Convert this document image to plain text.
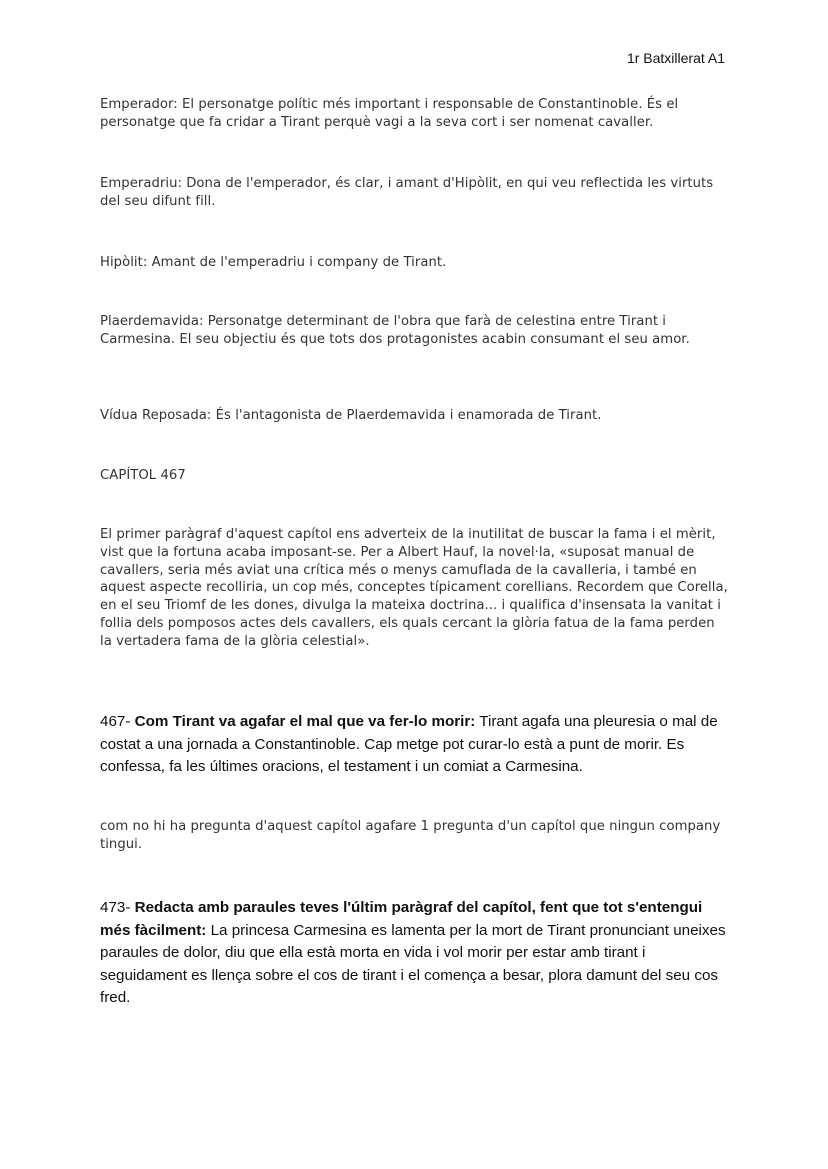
1r Batxillerat A1

Emperador: El personatge polític més important i responsable de Constantinoble. És el personatge que fa cridar a Tirant perquè vagi a la seva cort i ser nomenat cavaller.

Emperadriu: Dona de l'emperador, és clar, i amant d'Hipòlit, en qui veu reflectida les virtuts del seu difunt fill.

Hipòlit: Amant de l'emperadriu i company de Tirant.

Plaerdemavida: Personatge determinant de l'obra que farà de celestina entre Tirant i Carmesina. El seu objectiu és que tots dos protagonistes acabin consumant el seu amor.

Vídua Reposada: És l'antagonista de Plaerdemavida i enamorada de Tirant.

CAPÍTOL 467

El primer paràgraf d'aquest capítol ens adverteix de la inutilitat de buscar la fama i el mèrit, vist que la fortuna acaba imposant-se. Per a Albert Hauf, la novel·la, «suposat manual de cavallers, seria més aviat una crítica més o menys camuflada de la cavalleria, i també en aquest aspecte recolliria, un cop més, conceptes típicament corellians. Recordem que Corella, en el seu Triomf de les dones, divulga la mateixa doctrina... i qualifica d'insensata la vanitat i follia dels pomposos actes dels cavallers, els quals cercant la glòria fatua de la fama perden la vertadera fama de la glòria celestial».

467- Com Tirant va agafar el mal que va fer-lo morir: Tirant agafa una pleuresia o mal de costat a una jornada a Constantinoble. Cap metge pot curar-lo està a punt de morir. Es confessa, fa les últimes oracions, el testament i un comiat a Carmesina.

com no hi ha pregunta d'aquest capítol agafare 1 pregunta d'un capítol que ningun company tingui.

473- Redacta amb paraules teves l'últim paràgraf del capítol, fent que tot s'entengui més fàcilment: La princesa Carmesina es lamenta per la mort de Tirant pronunciant uneixes paraules de dolor, diu que ella està morta en vida i vol morir per estar amb tirant i seguidament es llença sobre el cos de tirant i el comença a besar, plora damunt del seu cos fred.
